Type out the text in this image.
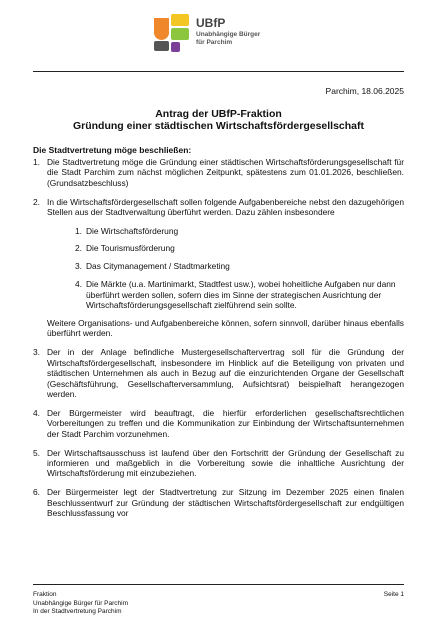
UBfP
Unabhängige Bürger
für Parchim
Parchim, 18.06.2025
Antrag der UBfP-Fraktion
Gründung einer städtischen Wirtschaftsfördergesellschaft
Die Stadtvertretung möge beschließen:
1. Die Stadtvertretung möge die Gründung einer städtischen Wirtschaftsförderungsgesellschaft für die Stadt Parchim zum nächst möglichen Zeitpunkt, spätestens zum 01.01.2026, beschließen. (Grundsatzbeschluss)
2. In die Wirtschaftsfördergesellschaft sollen folgende Aufgabenbereiche nebst den dazugehörigen Stellen aus der Stadtverwaltung überführt werden. Dazu zählen insbesondere
1. Die Wirtschaftsförderung
2. Die Tourismusförderung
3. Das Citymanagement / Stadtmarketing
4. Die Märkte (u.a. Martinimarkt, Stadtfest usw.), wobei hoheitliche Aufgaben nur dann überführt werden sollen, sofern dies im Sinne der strategischen Ausrichtung der Wirtschaftsförderungsgesellschaft zielführend sein sollte.
Weitere Organisations- und Aufgabenbereiche können, sofern sinnvoll, darüber hinaus ebenfalls überführt werden.
3. Der in der Anlage befindliche Mustergesellschaftervertrag soll für die Gründung der Wirtschaftsfördergesellschaft, insbesondere im Hinblick auf die Beteiligung von privaten und städtischen Unternehmen als auch in Bezug auf die einzurichtenden Organe der Gesellschaft (Geschäftsführung, Gesellschafterversammlung, Aufsichtsrat) beispielhaft herangezogen werden.
4. Der Bürgermeister wird beauftragt, die hierfür erforderlichen gesellschaftsrechtlichen Vorbereitungen zu treffen und die Kommunikation zur Einbindung der Wirtschaftsunternehmen der Stadt Parchim vorzunehmen.
5. Der Wirtschaftsausschuss ist laufend über den Fortschritt der Gründung der Gesellschaft zu informieren und maßgeblich in die Vorbereitung sowie die inhaltliche Ausrichtung der Wirtschaftsförderung mit einzubeziehen.
6. Der Bürgermeister legt der Stadtvertretung zur Sitzung im Dezember 2025 einen finalen Beschlussentwurf zur Gründung der städtischen Wirtschaftsfördergesellschaft zur endgültigen Beschlussfassung vor
Fraktion
Unabhängige Bürger für Parchim
In der Stadtvertretung Parchim
Seite 1
